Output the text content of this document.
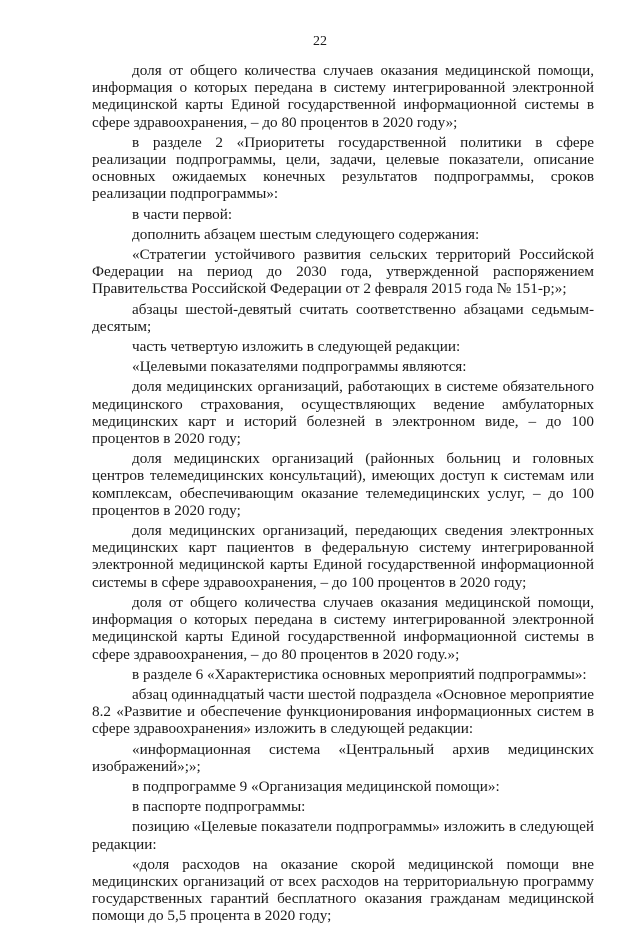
22

доля от общего количества случаев оказания медицинской помощи, информация о которых передана в систему интегрированной электронной медицинской карты Единой государственной информационной системы в сфере здравоохранения, – до 80 процентов в 2020 году»;

в разделе 2 «Приоритеты государственной политики в сфере реализации подпрограммы, цели, задачи, целевые показатели, описание основных ожидаемых конечных результатов подпрограммы, сроков реализации подпрограммы»:

в части первой:

дополнить абзацем шестым следующего содержания:

«Стратегии устойчивого развития сельских территорий Российской Федерации на период до 2030 года, утвержденной распоряжением Правительства Российской Федерации от 2 февраля 2015 года № 151-р;»;

абзацы шестой-девятый считать соответственно абзацами седьмым-десятым;

часть четвертую изложить в следующей редакции:

«Целевыми показателями подпрограммы являются:

доля медицинских организаций, работающих в системе обязательного медицинского страхования, осуществляющих ведение амбулаторных медицинских карт и историй болезней в электронном виде, – до 100 процентов в 2020 году;

доля медицинских организаций (районных больниц и головных центров телемедицинских консультаций), имеющих доступ к системам или комплексам, обеспечивающим оказание телемедицинских услуг, – до 100 процентов в 2020 году;

доля медицинских организаций, передающих сведения электронных медицинских карт пациентов в федеральную систему интегрированной электронной медицинской карты Единой государственной информационной системы в сфере здравоохранения, – до 100 процентов в 2020 году;

доля от общего количества случаев оказания медицинской помощи, информация о которых передана в систему интегрированной электронной медицинской карты Единой государственной информационной системы в сфере здравоохранения, – до 80 процентов в 2020 году.»;

в разделе 6 «Характеристика основных мероприятий подпрограммы»:

абзац одиннадцатый части шестой подраздела «Основное мероприятие 8.2 «Развитие и обеспечение функционирования информационных систем в сфере здравоохранения» изложить в следующей редакции:

«информационная система «Центральный архив медицинских изображений»;»;

в подпрограмме 9 «Организация медицинской помощи»:

в паспорте подпрограммы:

позицию «Целевые показатели подпрограммы» изложить в следующей редакции:

«доля расходов на оказание скорой медицинской помощи вне медицинских организаций от всех расходов на территориальную программу государственных гарантий бесплатного оказания гражданам медицинской помощи до 5,5 процента в 2020 году;
